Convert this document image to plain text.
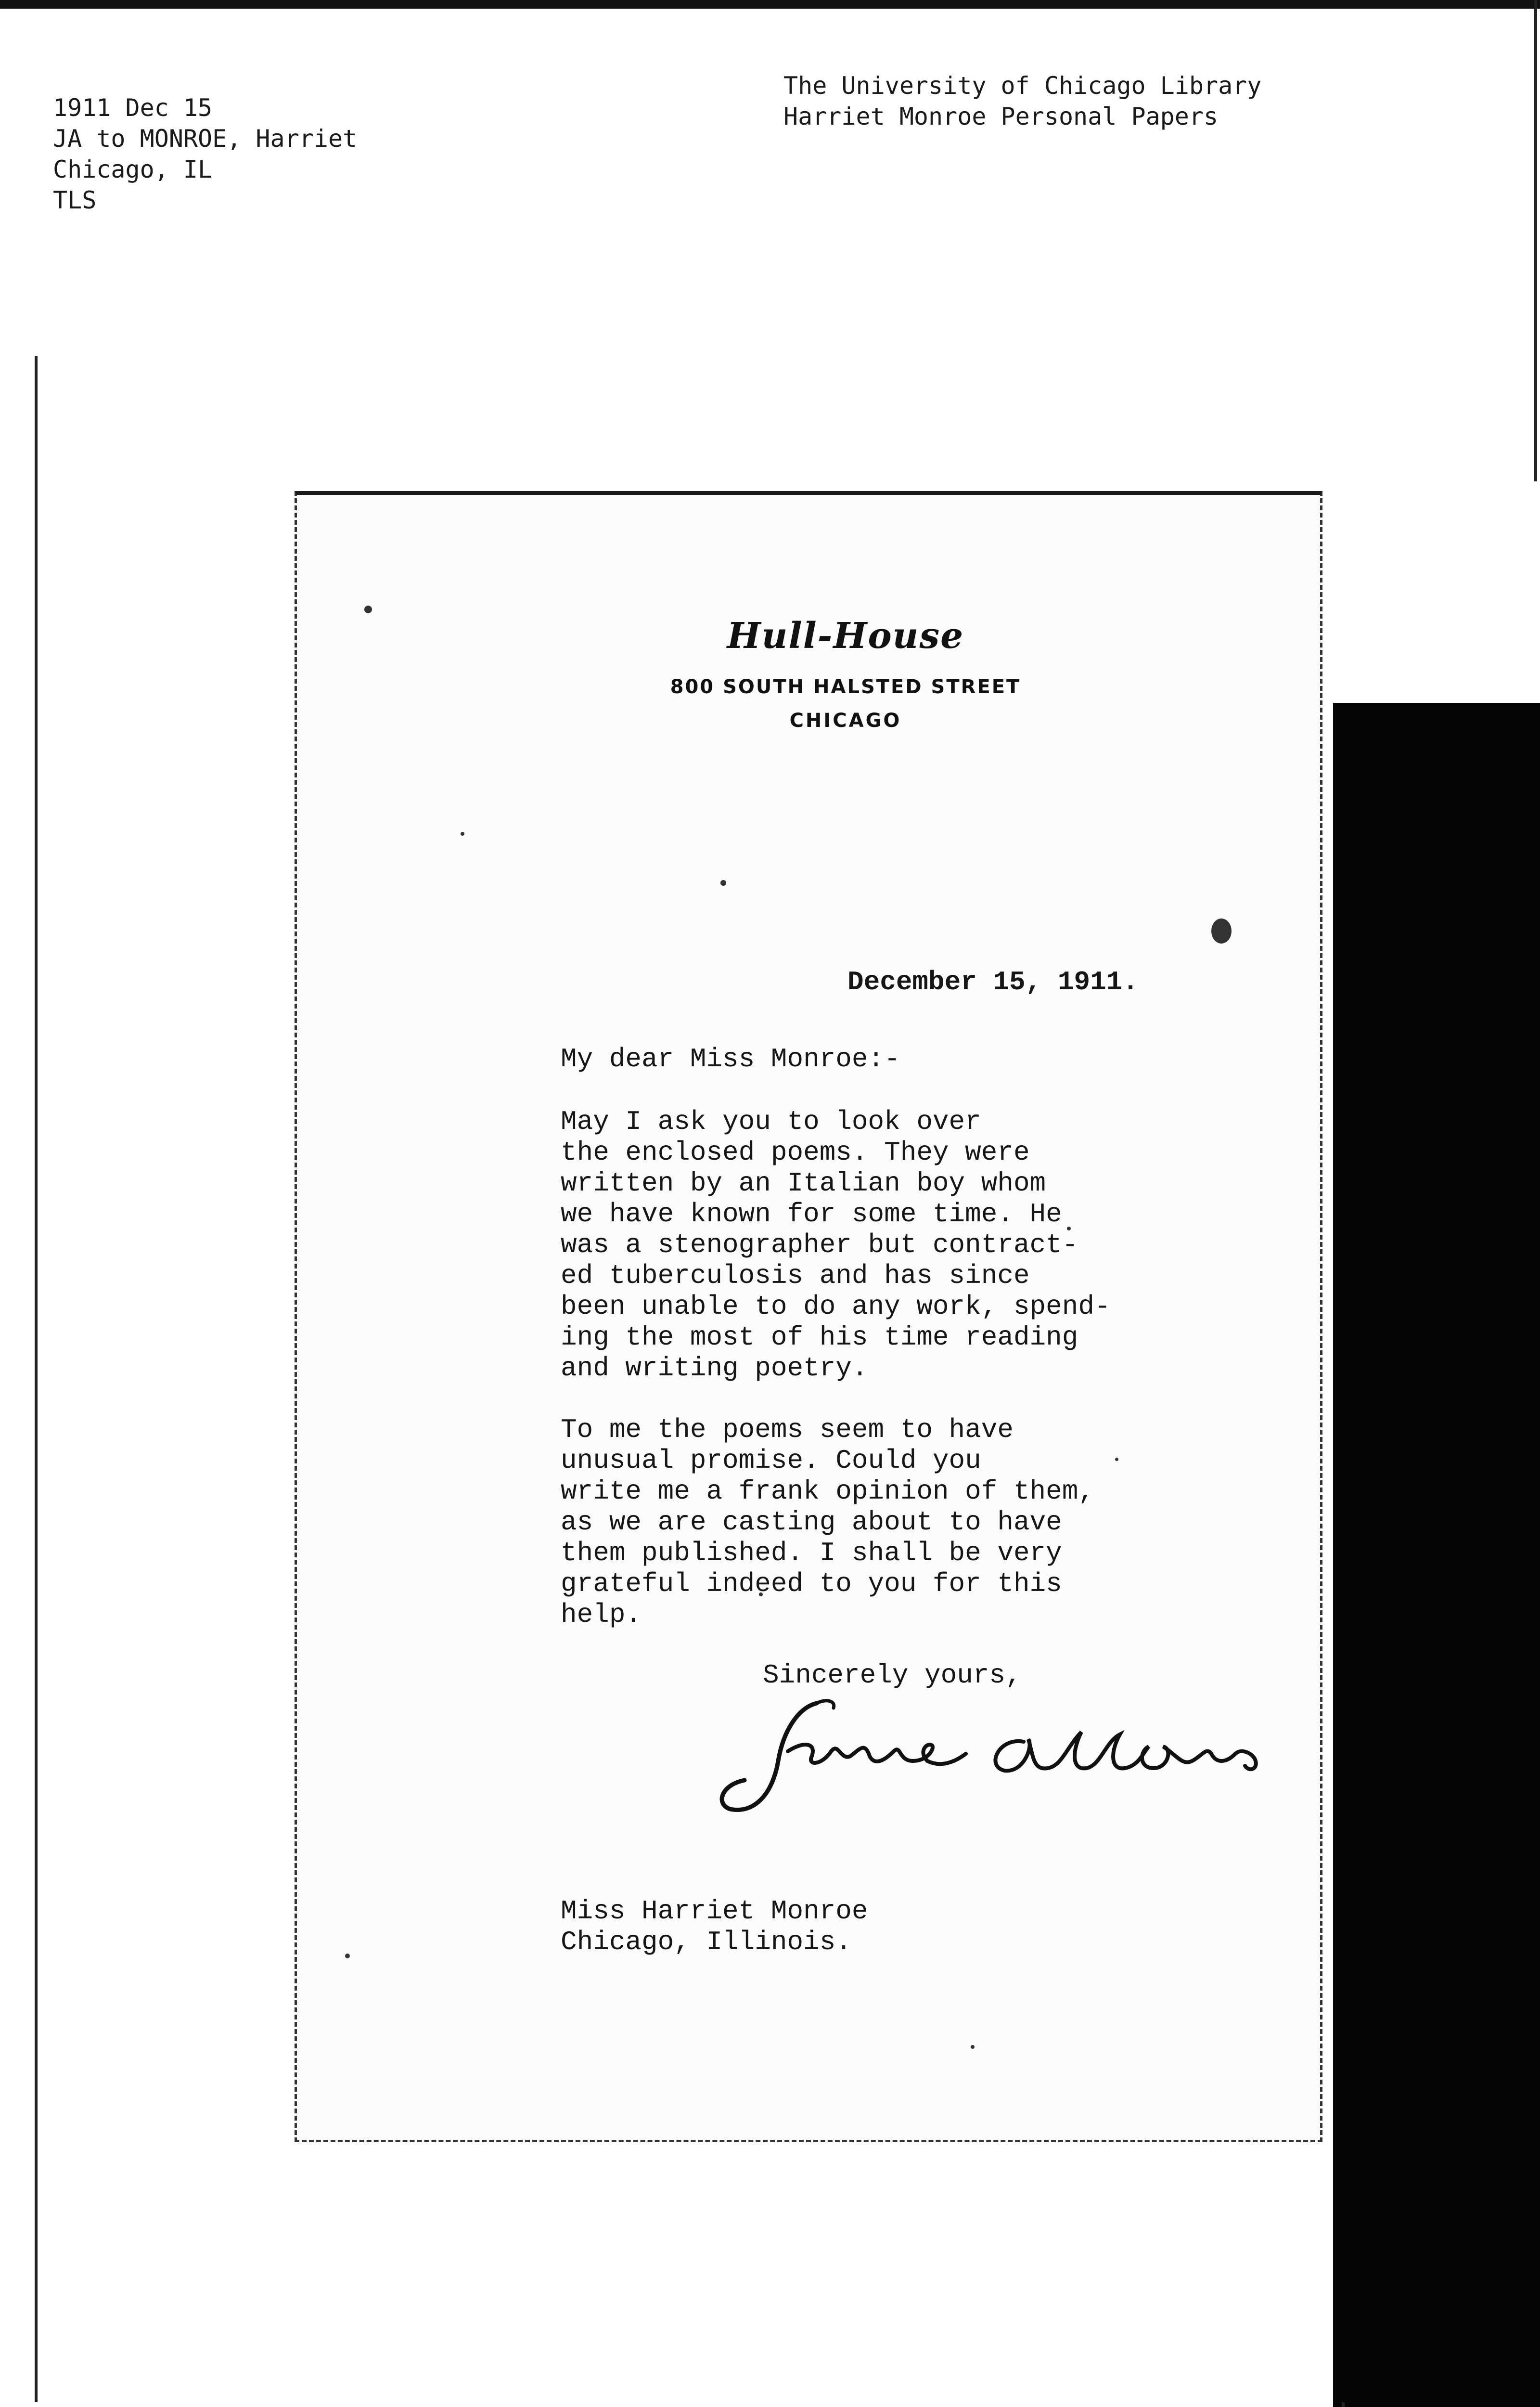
1911 Dec 15
JA to MONROE, Harriet
Chicago, IL
TLS
The University of Chicago Library
Harriet Monroe Personal Papers
Hull-House
800 SOUTH HALSTED STREET
CHICAGO
December 15, 1911.
My dear Miss Monroe:-
May I ask you to look over
the enclosed poems. They were
written by an Italian boy whom
we have known for some time. He
was a stenographer but contract-
ed tuberculosis and has since
been unable to do any work, spend-
ing the most of his time reading
and writing poetry.
To me the poems seem to have
unusual promise. Could you
write me a frank opinion of them,
as we are casting about to have
them published. I shall be very
grateful indeed to you for this
help.
Sincerely yours,
Miss Harriet Monroe
Chicago, Illinois.
